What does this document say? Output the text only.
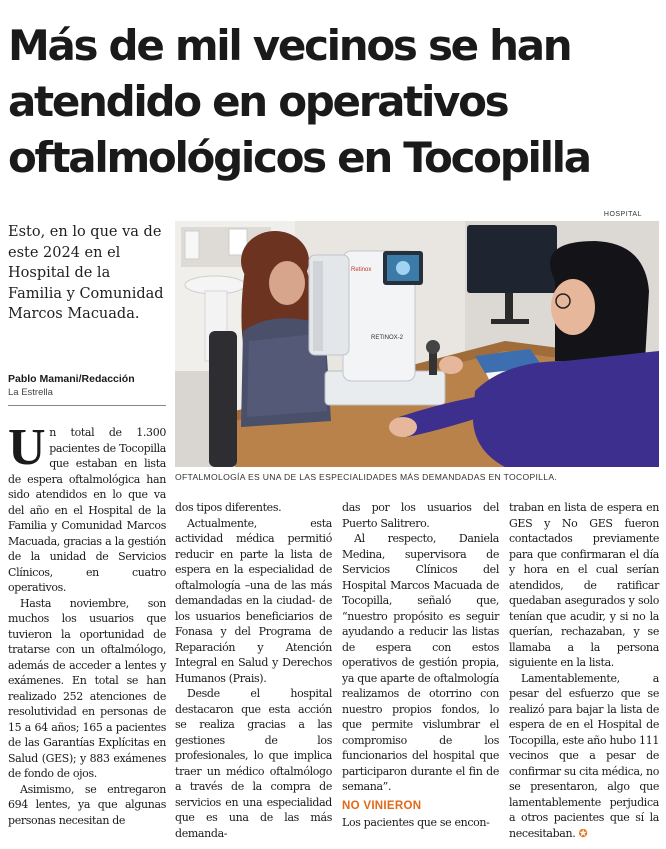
Más de mil vecinos se han
atendido en operativos
oftalmológicos en Tocopilla

Esto, en lo que va de este 2024 en el Hospital de la Familia y Comunidad Marcos Macuada.

Pablo Mamani/Redacción
La Estrella
HOSPITAL
Retinox
RETINOX-2
OFTALMOLOGÍA ES UNA DE LAS ESPECIALIDADES MÁS DEMANDADAS EN TOCOPILLA.

Un total de 1.300 pacientes de Tocopilla que estaban en lista de espera oftalmológica han sido atendidos en lo que va del año en el Hospital de la Familia y Comunidad Marcos Macuada, gracias a la gestión de la unidad de Servicios Clínicos, en cuatro operativos.

Hasta noviembre, son muchos los usuarios que tuvieron la oportunidad de tratarse con un oftalmólogo, además de acceder a lentes y exámenes. En total se han realizado 252 atenciones de resolutividad en personas de 15 a 64 años; 165 a pacientes de las Garantías Explícitas en Salud (GES); y 883 exámenes de fondo de ojos.

Asimismo, se entregaron 694 lentes, ya que algunas personas necesitan de

dos tipos diferentes.

Actualmente, esta actividad médica permitió reducir en parte la lista de espera en la especialidad de oftalmología –una de las más demandadas en la ciudad- de los usuarios beneficiarios de Fonasa y del Programa de Reparación y Atención Integral en Salud y Derechos Humanos (Prais).

Desde el hospital destacaron que esta acción se realiza gracias a las gestiones de los profesionales, lo que implica traer un médico oftalmólogo a través de la compra de servicios en una especialidad que es una de las más demanda-

das por los usuarios del Puerto Salitrero.

Al respecto, Daniela Medina, supervisora de Servicios Clínicos del Hospital Marcos Macuada de Tocopilla, señaló que, “nuestro propósito es seguir ayudando a reducir las listas de espera con estos operativos de gestión propia, ya que aparte de oftalmología realizamos de otorrino con nuestro propios fondos, lo que permite vislumbrar el compromiso de los funcionarios del hospital que participaron durante el fin de semana”.

NO VINIERON

Los pacientes que se encon-

traban en lista de espera en GES y No GES fueron contactados previamente para que confirmaran el día y hora en el cual serían atendidos, de ratificar quedaban asegurados y solo tenían que acudir, y si no la querían, rechazaban, y se llamaba a la persona siguiente en la lista.

Lamentablemente, a pesar del esfuerzo que se realizó para bajar la lista de espera de en el Hospital de Tocopilla, este año hubo 111 vecinos que a pesar de confirmar su cita médica, no se presentaron, algo que lamentablemente perjudica a otros pacientes que sí la necesitaban. ✪
